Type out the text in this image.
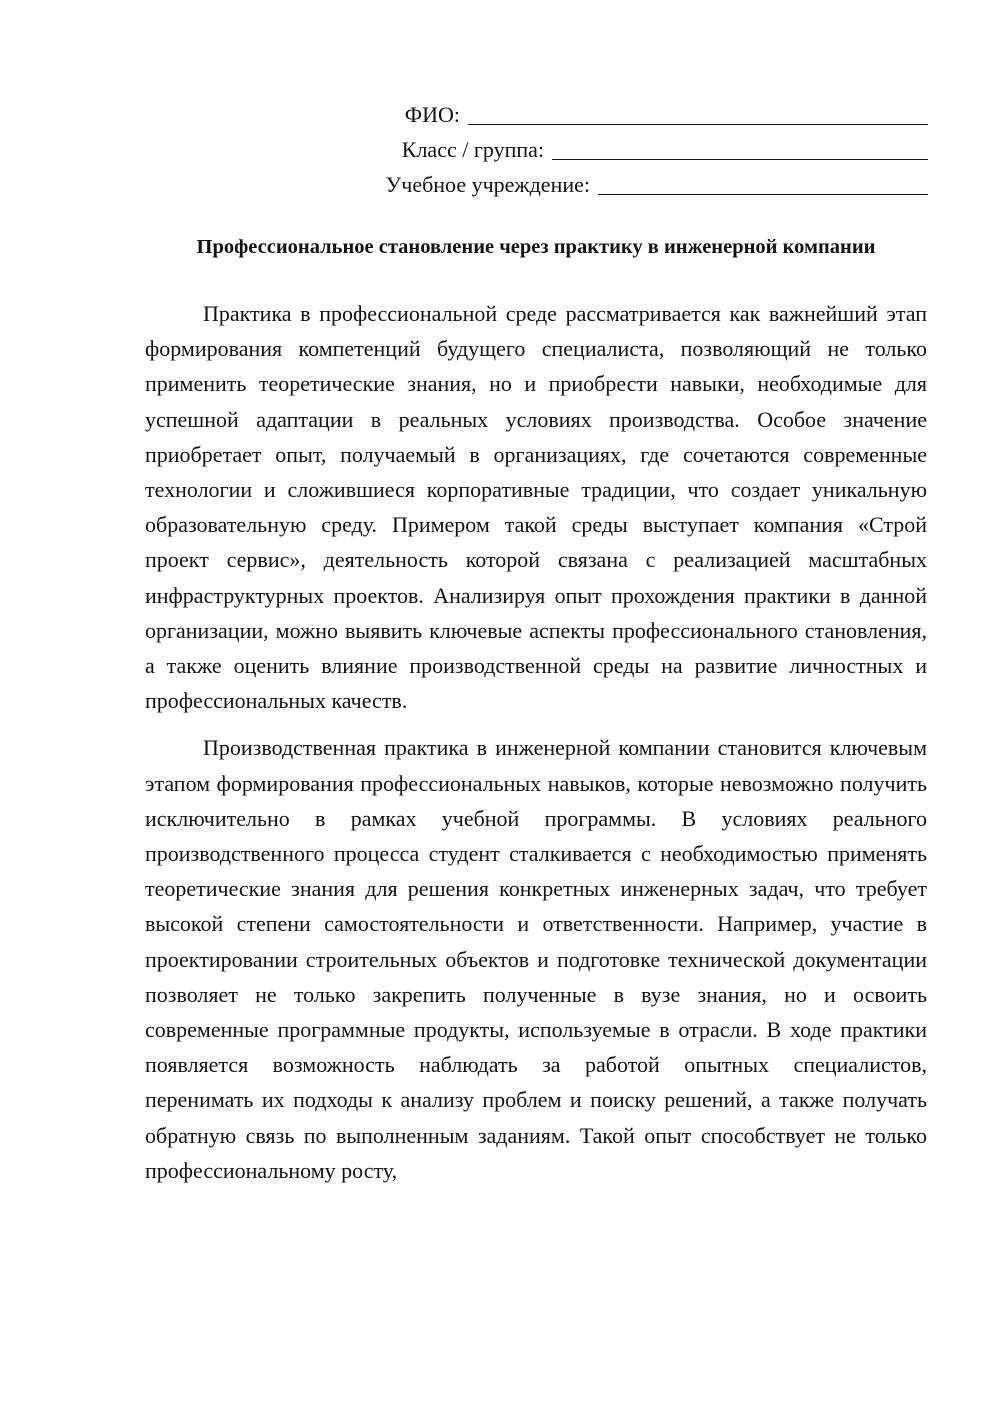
ФИО:
Класс / группа:
Учебное учреждение:
Профессиональное становление через практику в инженерной компании

Практика в профессиональной среде рассматривается как важнейший этап формирования компетенций будущего специалиста, позволяющий не только применить теоретические знания, но и приобрести навыки, необходимые для успешной адаптации в реальных условиях производства. Особое значение приобретает опыт, получаемый в организациях, где сочетаются современные технологии и сложившиеся корпоративные традиции, что создает уникальную образовательную среду. Примером такой среды выступает компания «Строй проект сервис», деятельность которой связана с реализацией масштабных инфраструктурных проектов. Анализируя опыт прохождения практики в данной организации, можно выявить ключевые аспекты профессионального становления, а также оценить влияние производственной среды на развитие личностных и профессиональных качеств.

Производственная практика в инженерной компании становится ключевым этапом формирования профессиональных навыков, которые невозможно получить исключительно в рамках учебной программы. В условиях реального производственного процесса студент сталкивается с необходимостью применять теоретические знания для решения конкретных инженерных задач, что требует высокой степени самостоятельности и ответственности. Например, участие в проектировании строительных объектов и подготовке технической документации позволяет не только закрепить полученные в вузе знания, но и освоить современные программные продукты, используемые в отрасли. В ходе практики появляется возможность наблюдать за работой опытных специалистов, перенимать их подходы к анализу проблем и поиску решений, а также получать обратную связь по выполненным заданиям. Такой опыт способствует не только профессиональному росту,
